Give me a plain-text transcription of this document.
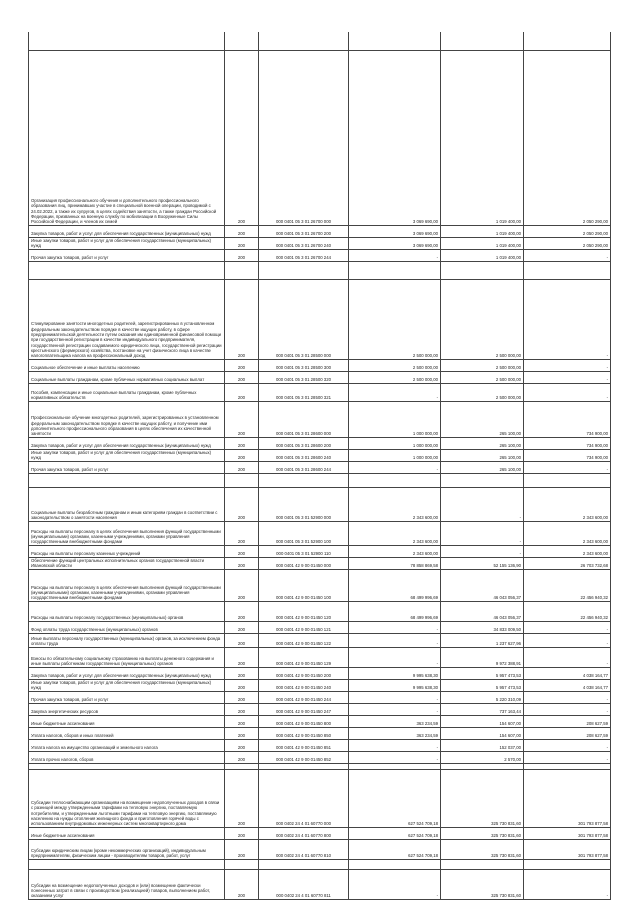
Организация профессионального обучения и дополнительного профессионального образования лиц, принимавших участие в специальной военной операции, проводимой с 24.02.2022, а также их супругов, в целях содействия занятости, а также граждан Российской Федерации, призванных на военную службу по мобилизации в Вооруженные Силы Российской Федерации, и членов их семей	200	000 0401 05 3 01 26700 000	3 069 690,00	1 019 400,00	2 050 290,00
Закупка товаров, работ и услуг для обеспечения государственных (муниципальных) нужд	200	000 0401 05 3 01 26700 200	3 069 690,00	1 019 400,00	2 050 290,00
Иные закупки товаров, работ и услуг для обеспечения государственных (муниципальных) нужд	200	000 0401 05 3 01 26700 240	3 069 690,00	1 019 400,00	2 050 290,00
Прочая закупка товаров, работ и услуг	200	000 0401 05 3 01 26700 244	-	1 019 400,00	-

Стимулирование занятости многодетных родителей, зарегистрированных в установленном федеральным законодательством порядке в качестве ищущих работу, в сфере предпринимательской деятельности путем оказания им единовременной финансовой помощи при государственной регистрации в качестве индивидуального предпринимателя, государственной регистрации создаваемого юридического лица, государственной регистрации крестьянского (фермерского) хозяйства, постановке на учет физического лица в качестве налогоплательщика налога на профессиональный доход	200	000 0401 05 3 01 28500 000	2 500 000,00	2 500 000,00	-
Социальное обеспечение и иные выплаты населению	200	000 0401 05 3 01 28500 300	2 500 000,00	2 500 000,00	-
Социальные выплаты гражданам, кроме публичных нормативных социальных выплат	200	000 0401 05 3 01 28500 320	2 500 000,00	2 500 000,00	-
Пособия, компенсации и иные социальные выплаты гражданам, кроме публичных нормативных обязательств	200	000 0401 05 3 01 28500 321	-	2 500 000,00	-
Профессиональное обучение многодетных родителей, зарегистрированных в установленном федеральным законодательством порядке в качестве ищущих работу, и получение ими дополнительного профессионального образования в целях обеспечения их качественной занятости	200	000 0401 05 3 01 28600 000	1 000 000,00	265 100,00	734 900,00
Закупка товаров, работ и услуг для обеспечения государственных (муниципальных) нужд	200	000 0401 05 3 01 28600 200	1 000 000,00	265 100,00	734 900,00
Иные закупки товаров, работ и услуг для обеспечения государственных (муниципальных) нужд	200	000 0401 05 3 01 28600 240	1 000 000,00	265 100,00	734 900,00
Прочая закупка товаров, работ и услуг	200	000 0401 05 3 01 28600 244	-	265 100,00	-

Социальные выплаты безработным гражданам и иным категориям граждан в соответствии с законодательством о занятости населения	200	000 0401 05 3 01 52900 000	2 343 600,00	-	2 343 600,00
Расходы на выплаты персоналу в целях обеспечения выполнения функций государственными (муниципальными) органами, казенными учреждениями, органами управления государственными внебюджетными фондами	200	000 0401 05 3 01 52900 100	2 343 600,00	-	2 343 600,00
Расходы на выплаты персоналу казенных учреждений	200	000 0401 05 3 01 52900 110	2 343 600,00	-	2 343 600,00
Обеспечение функций центральных исполнительных органов государственной власти Ивановской области	200	000 0401 42 9 00 01450 000	78 858 869,58	52 155 136,90	26 703 732,68
Расходы на выплаты персоналу в целях обеспечения выполнения функций государственными (муниципальными) органами, казенными учреждениями, органами управления государственными внебюджетными фондами	200	000 0401 42 9 00 01450 100	68 499 996,69	46 043 056,37	22 456 940,32
Расходы на выплаты персоналу государственных (муниципальных) органов	200	000 0401 42 9 00 01450 120	68 499 996,69	46 043 056,37	22 456 940,32
Фонд оплаты труда государственных (муниципальных) органов	200	000 0401 42 9 00 01450 121	-	34 833 009,50	-
Иные выплаты персоналу государственных (муниципальных) органов, за исключением фонда оплаты труда	200	000 0401 42 9 00 01450 122	-	1 237 627,96	-
Взносы по обязательному социальному страхованию на выплаты денежного содержания и иные выплаты работникам государственных (муниципальных) органов	200	000 0401 42 9 00 01450 129	-	9 972 388,91	-
Закупка товаров, работ и услуг для обеспечения государственных (муниципальных) нужд	200	000 0401 42 9 00 01450 200	9 995 638,30	5 957 473,53	4 038 164,77
Иные закупки товаров, работ и услуг для обеспечения государственных (муниципальных) нужд	200	000 0401 42 9 00 01450 240	9 995 638,30	5 957 473,53	4 038 164,77
Прочая закупка товаров, работ и услуг	200	000 0401 42 9 00 01450 244	-	5 220 310,09	-
Закупка энергетических ресурсов	200	000 0401 42 9 00 01450 247	-	737 163,44	-
Иные бюджетные ассигнования	200	000 0401 42 9 00 01450 800	363 234,59	154 607,00	208 627,59
Уплата налогов, сборов и иных платежей	200	000 0401 42 9 00 01450 850	363 234,59	154 607,00	208 627,59
Уплата налога на имущество организаций и земельного налога	200	000 0401 42 9 00 01450 851	-	152 037,00	-
Уплата прочих налогов, сборов	200	000 0401 42 9 00 01450 852	-	2 570,00	-

Субсидии теплоснабжающим организациям на возмещение недополученных доходов в связи с разницей между утвержденными тарифами на тепловую энергию, поставляемую потребителям, и утвержденными льготными тарифами на тепловую энергию, поставляемую населению на нужды отопления жилищного фонда и приготовления горячей воды с использованием внутридомовых инженерных систем многоквартирного дома	200	000 0402 24 4 01 60770 000	627 524 709,18	325 730 831,60	301 793 877,58
Иные бюджетные ассигнования	200	000 0402 24 4 01 60770 800	627 524 709,18	325 730 831,60	301 793 877,58
Субсидии юридическим лицам (кроме некоммерческих организаций), индивидуальным предпринимателям, физическим лицам - производителям товаров, работ, услуг	200	000 0402 24 4 01 60770 810	627 524 709,18	325 730 831,60	301 793 877,58

Субсидии на возмещение недополученных доходов и (или) возмещение фактически понесенных затрат в связи с производством (реализацией) товаров, выполнением работ, оказанием услуг	200	000 0402 24 4 01 60770 811	-	325 730 831,60	-
